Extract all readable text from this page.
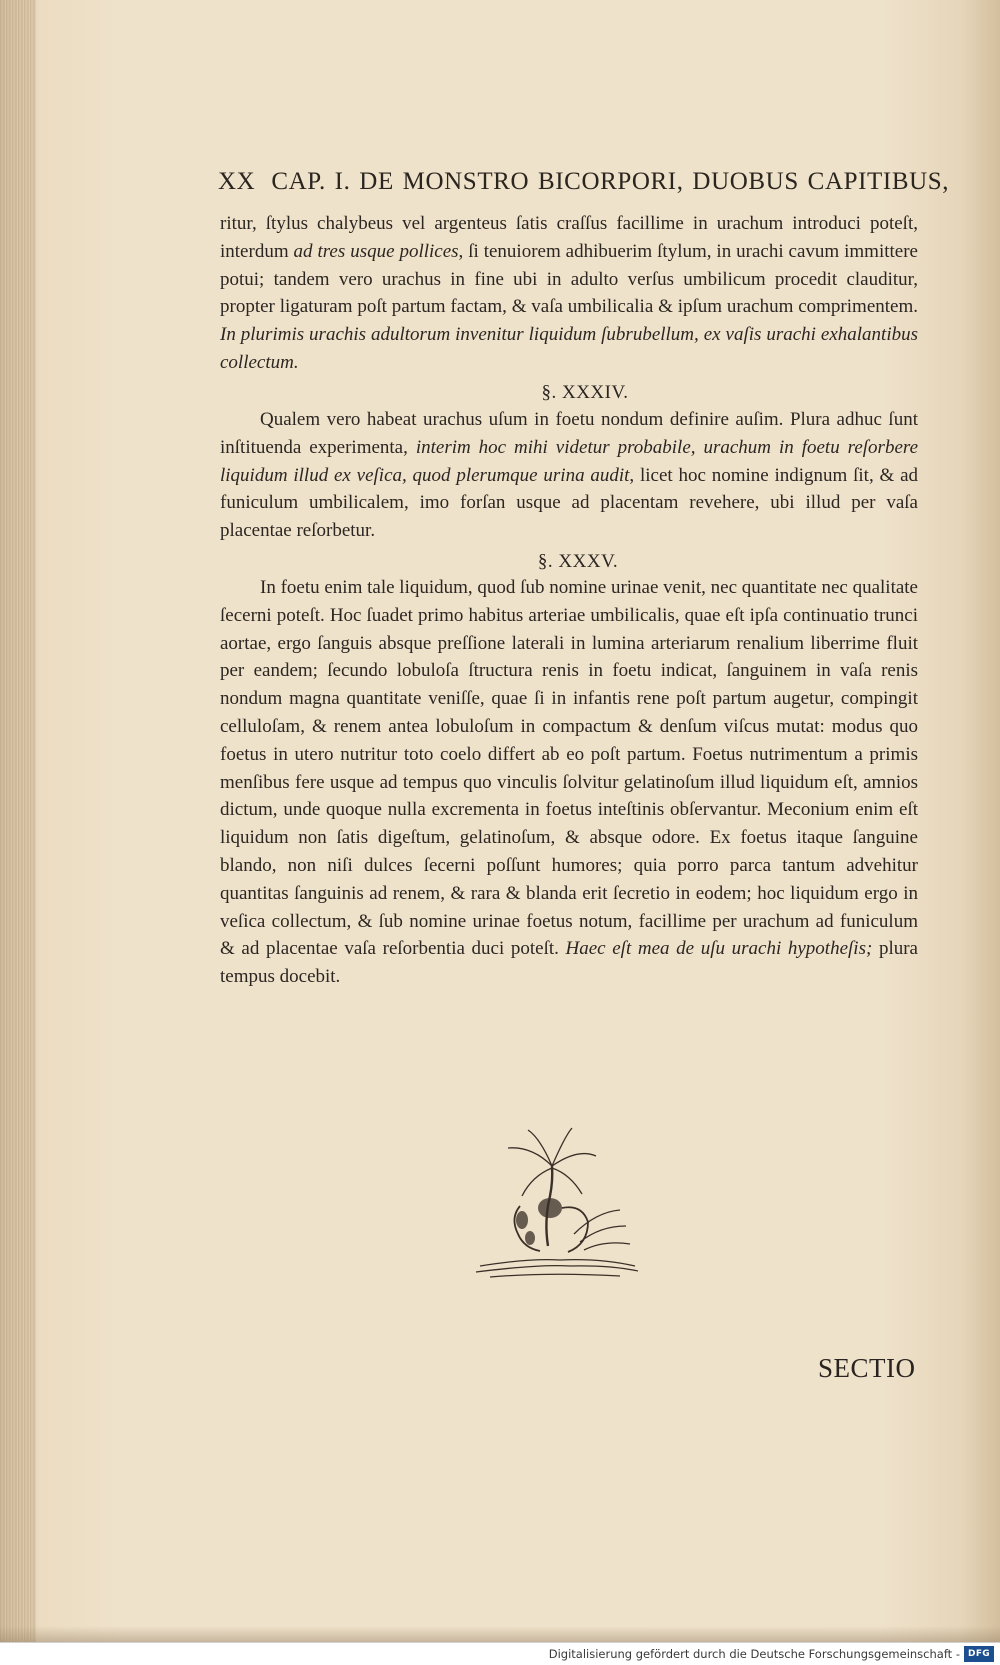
XX CAP. I. DE MONSTRO BICORPORI, DUOBUS CAPITIBUS,

ritur, ſtylus chalybeus vel argenteus ſatis craſſus facillime in urachum introduci poteſt, interdum ad tres usque pollices, ſi tenuiorem adhibuerim ſtylum, in urachi cavum immittere potui; tandem vero urachus in fine ubi in adulto verſus umbilicum procedit clauditur, propter ligaturam poſt partum factam, & vaſa umbilicalia & ipſum urachum comprimentem. In plurimis urachis adultorum invenitur liquidum ſubrubellum, ex vaſis urachi exhalantibus collectum.

§. XXXIV.

Qualem vero habeat urachus uſum in foetu nondum definire auſim. Plura adhuc ſunt inſtituenda experimenta, interim hoc mihi videtur probabile, urachum in foetu reſorbere liquidum illud ex veſica, quod plerumque urina audit, licet hoc nomine indignum ſit, & ad funiculum umbilicalem, imo forſan usque ad placentam revehere, ubi illud per vaſa placentae reſorbetur.

§. XXXV.

In foetu enim tale liquidum, quod ſub nomine urinae venit, nec quantitate nec qualitate ſecerni poteſt. Hoc ſuadet primo habitus arteriae umbilicalis, quae eſt ipſa continuatio trunci aortae, ergo ſanguis absque preſſione laterali in lumina arteriarum renalium liberrime fluit per eandem; ſecundo lobuloſa ſtructura renis in foetu indicat, ſanguinem in vaſa renis nondum magna quantitate veniſſe, quae ſi in infantis rene poſt partum augetur, compingit celluloſam, & renem antea lobuloſum in compactum & denſum viſcus mutat: modus quo foetus in utero nutritur toto coelo differt ab eo poſt partum. Foetus nutrimentum a primis menſibus fere usque ad tempus quo vinculis ſolvitur gelatinoſum illud liquidum eſt, amnios dictum, unde quoque nulla excrementa in foetus inteſtinis obſervantur. Meconium enim eſt liquidum non ſatis digeſtum, gelatinoſum, & absque odore. Ex foetus itaque ſanguine blando, non niſi dulces ſecerni poſſunt humores; quia porro parca tantum advehitur quantitas ſanguinis ad renem, & rara & blanda erit ſecretio in eodem; hoc liquidum ergo in veſica collectum, & ſub nomine urinae foetus notum, facillime per urachum ad funiculum & ad placentae vaſa reſorbentia duci poteſt. Haec eſt mea de uſu urachi hypotheſis; plura tempus docebit.

SECTIO
Digitalisierung gefördert durch die Deutsche Forschungsgemeinschaft - DFG
